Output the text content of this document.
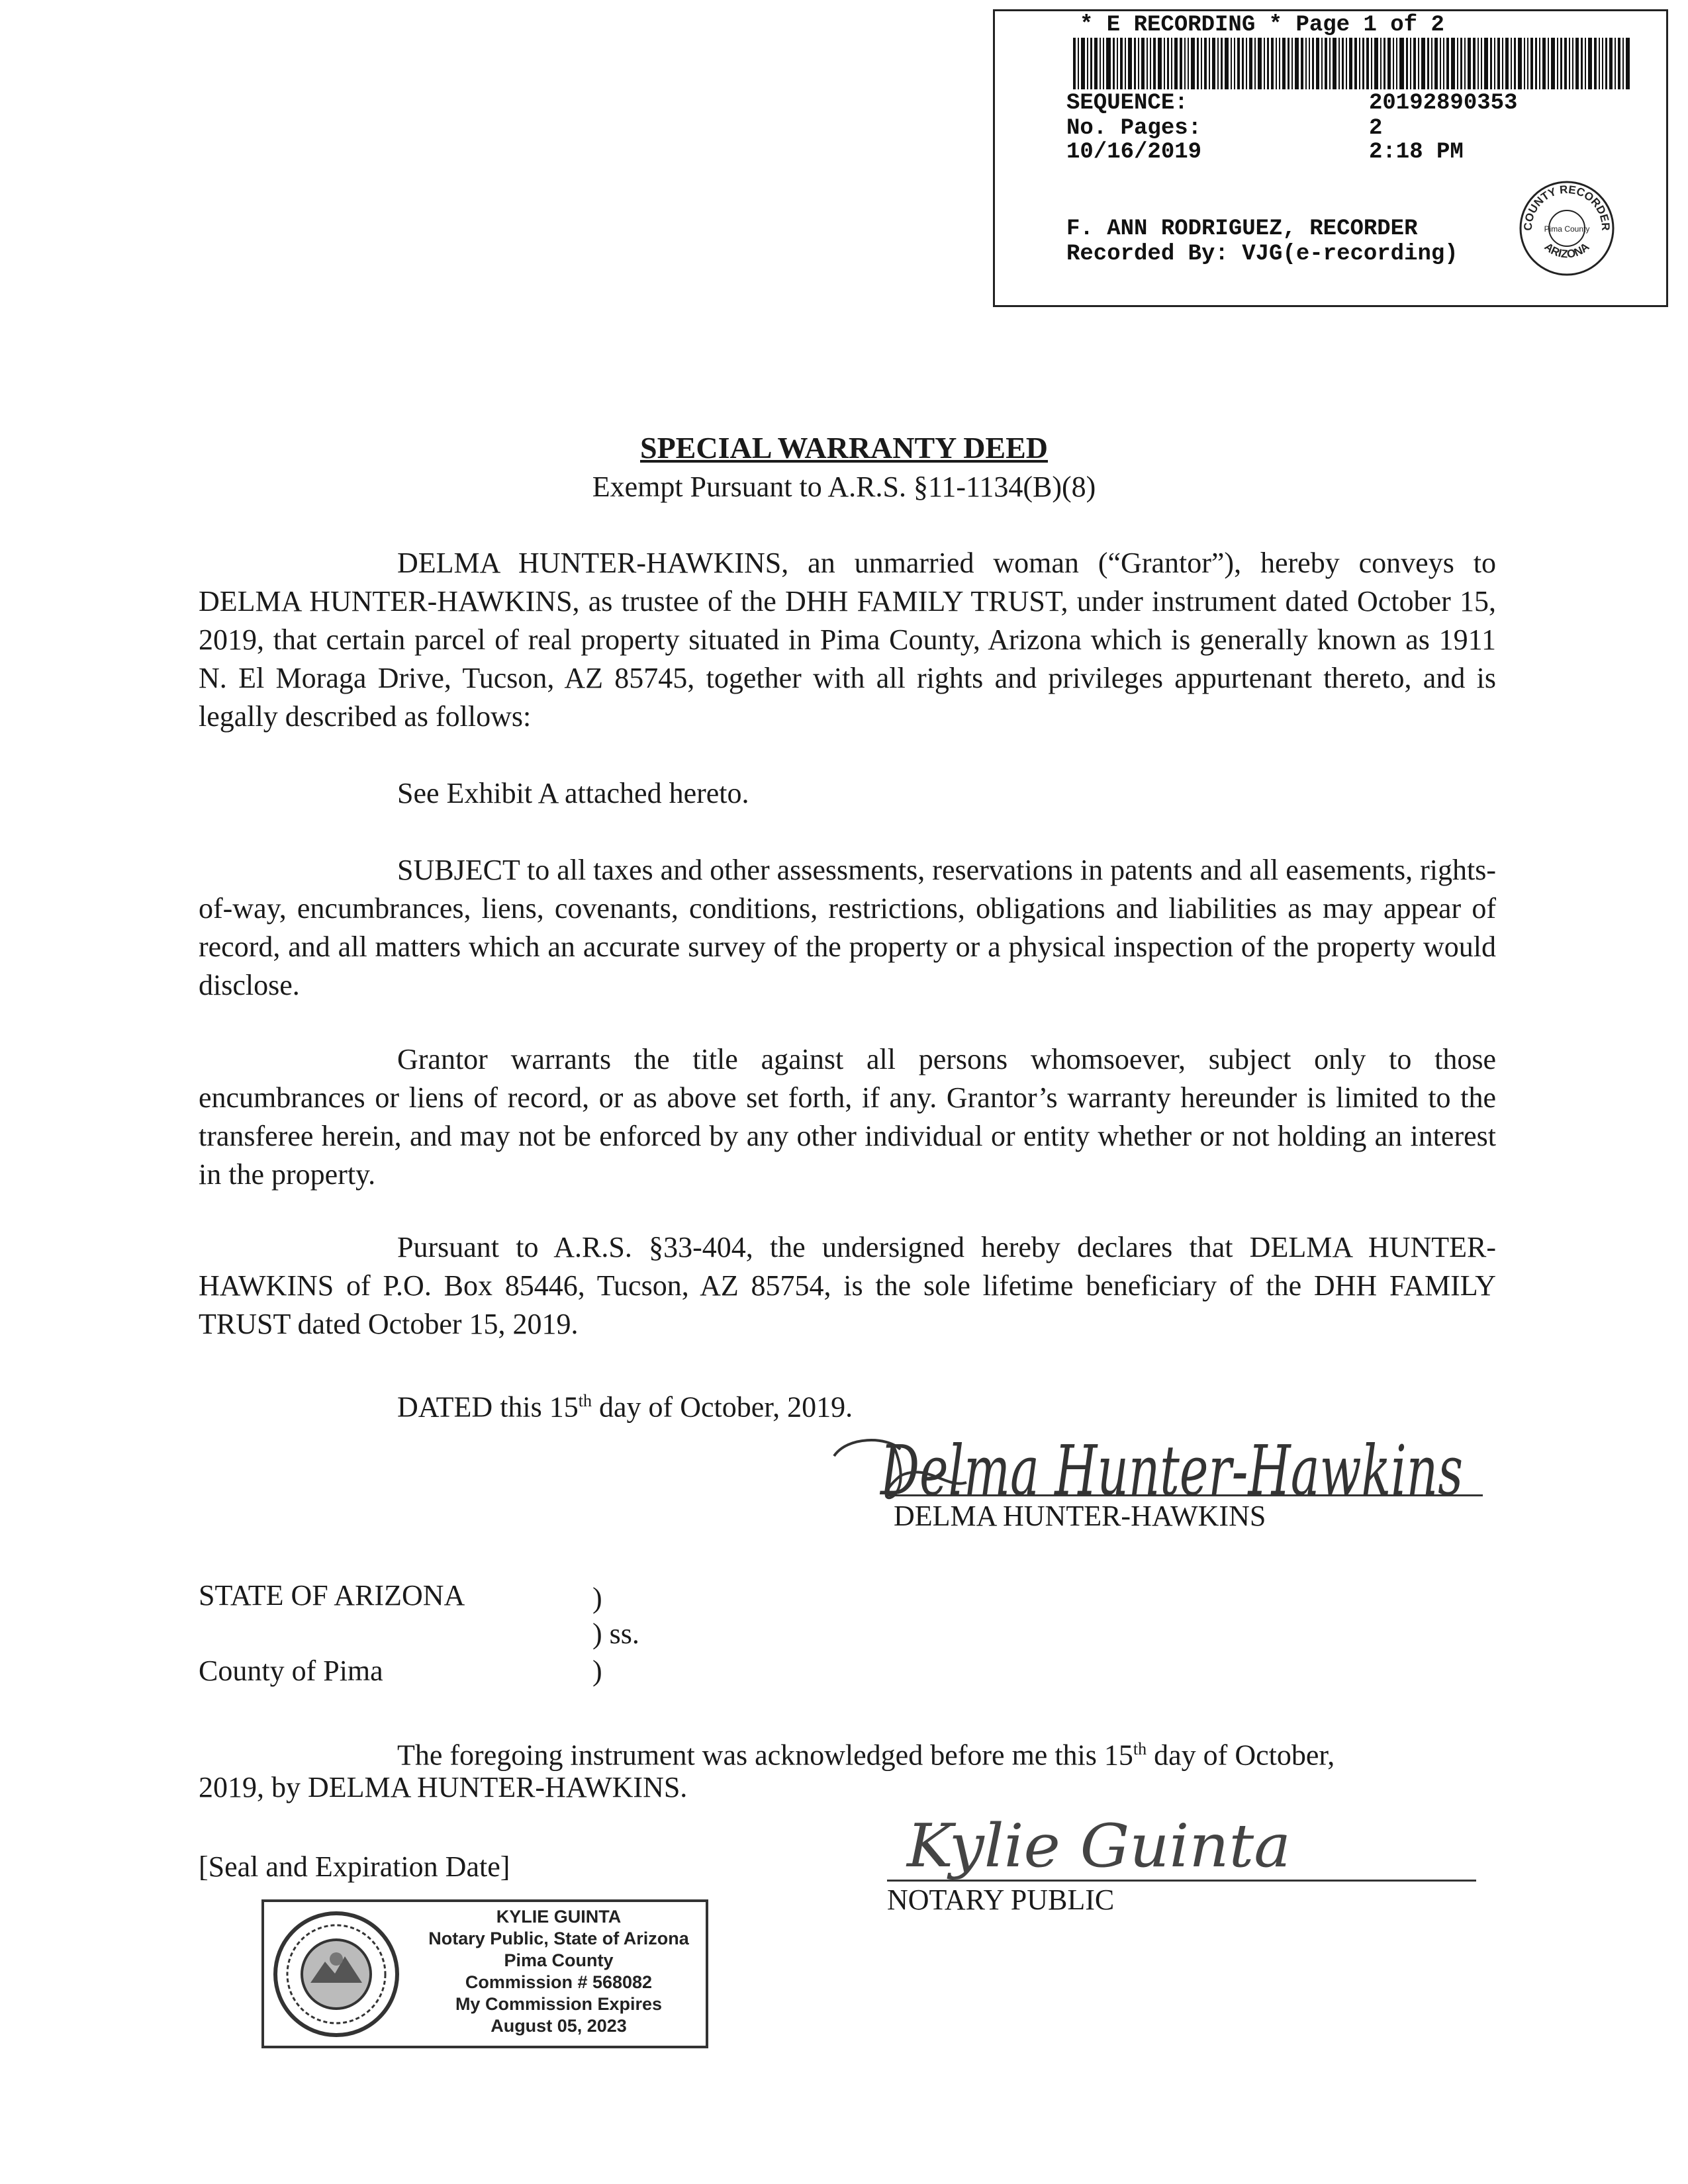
* E RECORDING * Page 1 of 2
SEQUENCE:	20192890353
No. Pages:	2
10/16/2019	2:18 PM
F. ANN RODRIGUEZ, RECORDER
Recorded By: VJG(e-recording)
COUNTY RECORDER
Pima County
ARIZONA
SPECIAL WARRANTY DEED
Exempt Pursuant to A.R.S. §11-1134(B)(8)
DELMA HUNTER-HAWKINS, an unmarried woman (“Grantor”), hereby conveys to DELMA HUNTER-HAWKINS, as trustee of the DHH FAMILY TRUST, under instrument dated October 15, 2019, that certain parcel of real property situated in Pima County, Arizona which is generally known as 1911 N. El Moraga Drive, Tucson, AZ 85745, together with all rights and privileges appurtenant thereto, and is legally described as follows:
See Exhibit A attached hereto.
SUBJECT to all taxes and other assessments, reservations in patents and all easements, rights-of-way, encumbrances, liens, covenants, conditions, restrictions, obligations and liabilities as may appear of record, and all matters which an accurate survey of the property or a physical inspection of the property would disclose.
Grantor warrants the title against all persons whomsoever, subject only to those encumbrances or liens of record, or as above set forth, if any. Grantor’s warranty hereunder is limited to the transferee herein, and may not be enforced by any other individual or entity whether or not holding an interest in the property.
Pursuant to A.R.S. §33-404, the undersigned hereby declares that DELMA HUNTER-HAWKINS of P.O. Box 85446, Tucson, AZ 85754, is the sole lifetime beneficiary of the DHH FAMILY TRUST dated October 15, 2019.
DATED this 15th day of October, 2019.
Delma Hunter-Hawkins
DELMA HUNTER-HAWKINS
STATE OF ARIZONA	)
) ss.
County of Pima	)
The foregoing instrument was acknowledged before me this 15th day of October,
2019, by DELMA HUNTER-HAWKINS.
[Seal and Expiration Date]	Kylie Guinta
NOTARY PUBLIC
KYLIE GUINTA
Notary Public, State of Arizona
Pima County
Commission # 568082
My Commission Expires
August 05, 2023
